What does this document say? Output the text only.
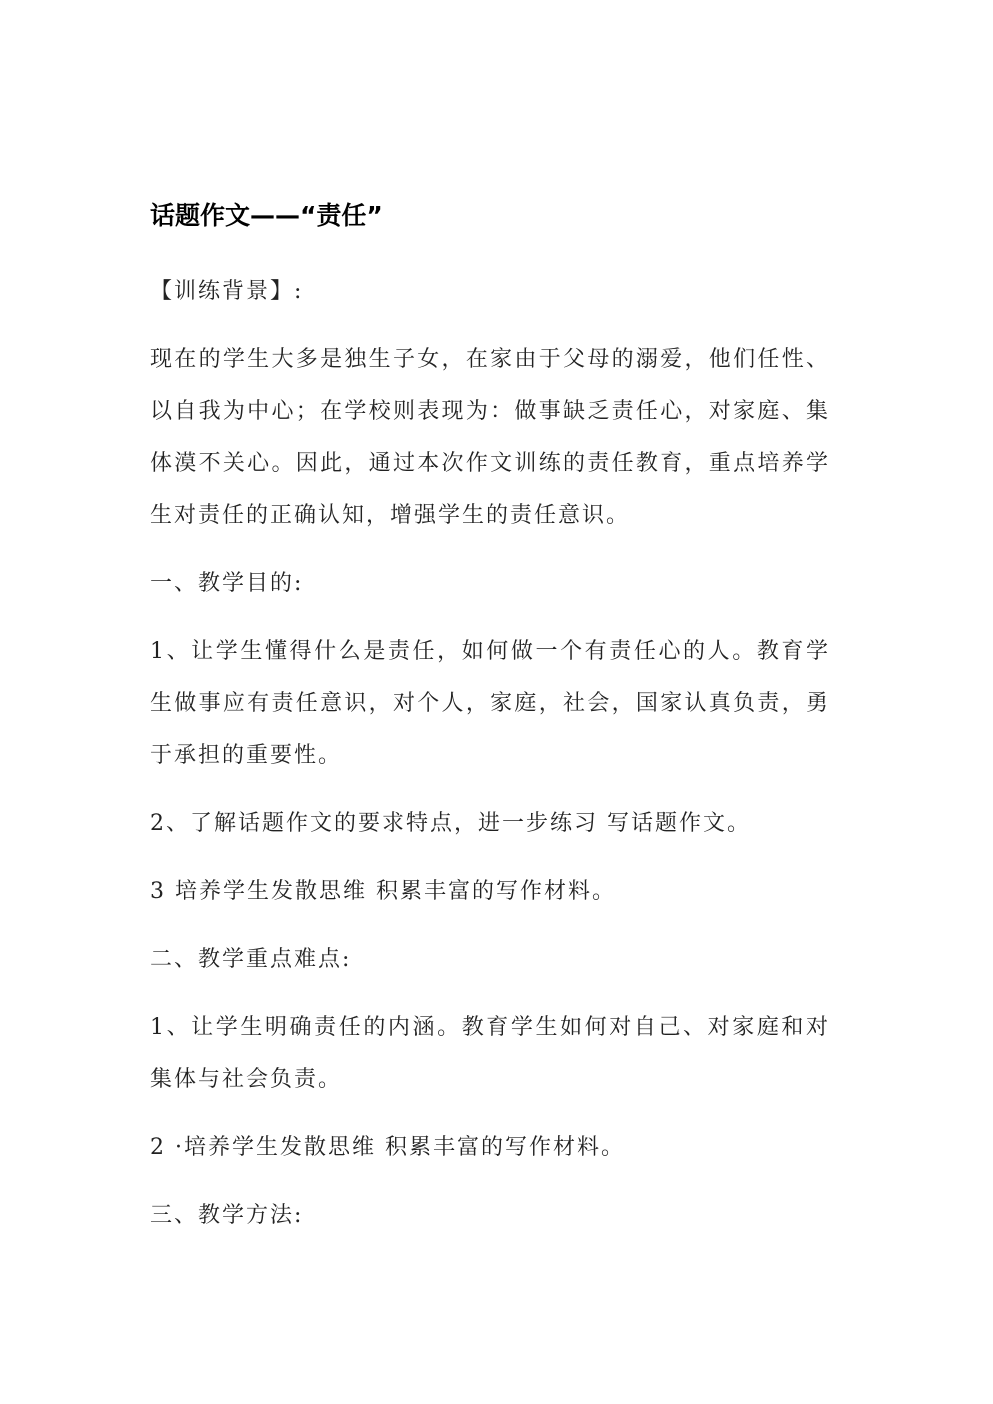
话题作文——“责任”
【训练背景】:
现在的学生大多是独生子女，在家由于父母的溺爱，他们任性、以自我为中心；在学校则表现为：做事缺乏责任心，对家庭、集体漠不关心。因此，通过本次作文训练的责任教育，重点培养学生对责任的正确认知，增强学生的责任意识。
一、教学目的:
1、让学生懂得什么是责任，如何做一个有责任心的人。教育学生做事应有责任意识，对个人，家庭，社会，国家认真负责，勇于承担的重要性。
2、了解话题作文的要求特点，进一步练习 写话题作文。
3 培养学生发散思维 积累丰富的写作材料。
二、教学重点难点:
1、让学生明确责任的内涵。教育学生如何对自己、对家庭和对集体与社会负责。
2 ·培养学生发散思维 积累丰富的写作材料。
三、教学方法:
